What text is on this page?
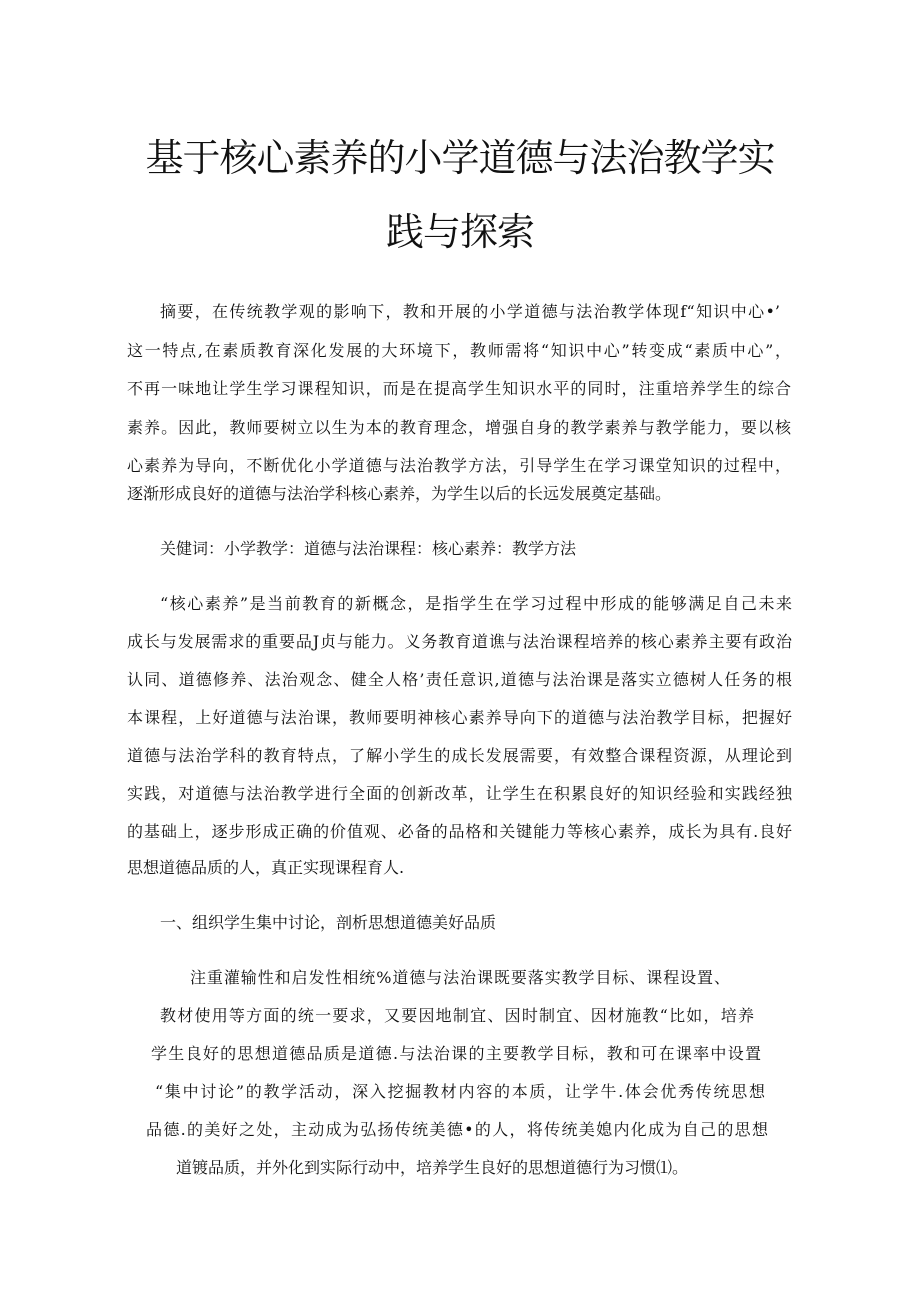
基于核心素养的小学道德与法治教学实
践与探索
摘要，在传统教学观的影响下，教和开展的小学道德与法治教学体现f“知识中心•’
这一特点,在素质教育深化发展的大环境下，教师需将“知识中心”转变成“素质中心”，
不再一味地让学生学习课程知识，而是在提高学生知识水平的同时，注重培养学生的综合
素养。因此，教师要树立以生为本的教育理念，增强自身的教学素养与教学能力，要以核
心素养为导向，不断优化小学道德与法治教学方法，引导学生在学习课堂知识的过程中，
逐渐形成良好的道德与法治学科核心素养，为学生以后的长远发展奠定基础。
关健词：小学教学：道德与法治课程：核心素养：教学方法
“核心素养”是当前教育的新概念，是指学生在学习过程中形成的能够满足自己未来
成长与发展需求的重要品J贞与能力。义务教育道谯与法治课程培养的核心素养主要有政治
认同、道德修养、法治观念、健全人格’责任意识,道德与法治课是落实立德树人任务的根
本课程，上好道德与法治课，教师要明神核心素养导向下的道德与法治教学目标，把握好
道德与法治学科的教育特点，了解小学生的成长发展需要，有效整合课程资源，从理论到
实践，对道德与法治教学进行全面的创新改革，让学生在积累良好的知识经验和实践经独
的基础上，逐步形成正确的价值观、必备的品格和关键能力等核心素养，成长为具有.良好
思想道德品质的人，真正实现课程育人.
一、组织学生集中讨论，剖析思想道德美好品质
注重灌输性和启发性相统%道德与法治课既要落实教学目标、课程设置、
教材使用等方面的统一要求，又要因地制宜、因时制宜、因材施教“比如，培养
学生良好的思想道德品质是道德.与法治课的主要教学目标，教和可在课率中设置
“集中讨论”的教学活动，深入挖掘教材内容的本质，让学牛.体会优秀传统思想
品德.的美好之处，主动成为弘扬传统美德•的人，将传统美媳内化成为自己的思想
道镀品质，并外化到实际行动中，培养学生良好的思想道德行为习惯⑴。
